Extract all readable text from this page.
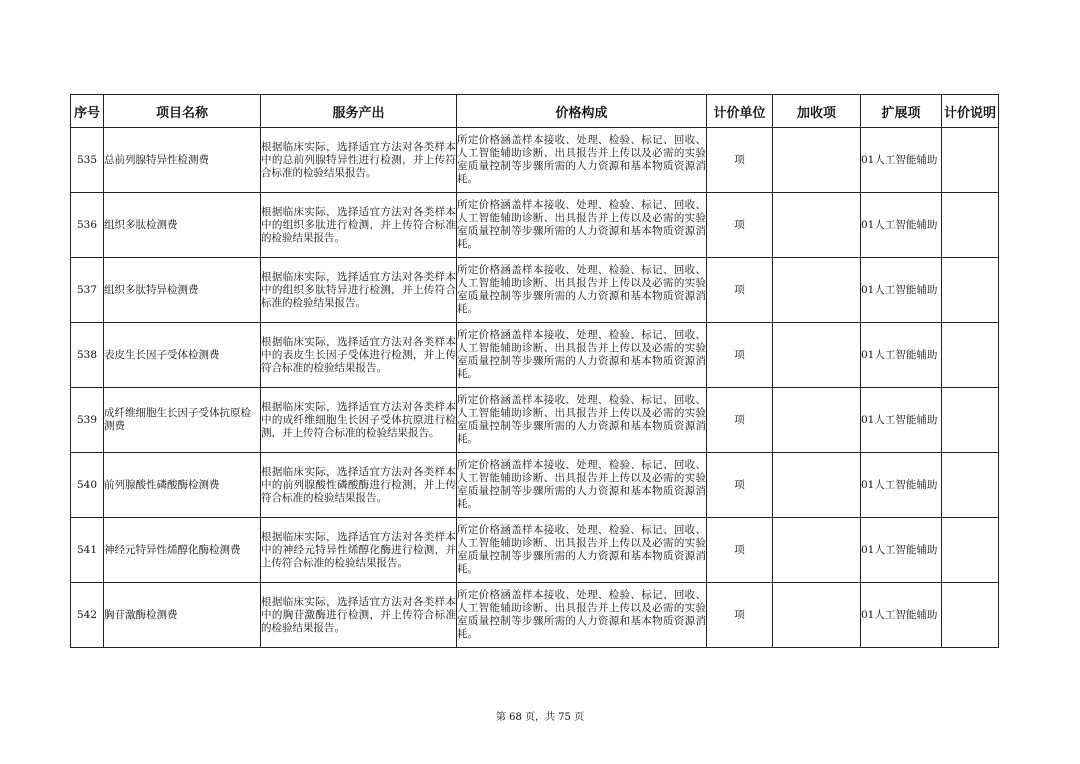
序号	项目名称	服务产出	价格构成	计价单位	加收项	扩展项	计价说明
535	总前列腺特异性检测费	根据临床实际，选择适宜方法对各类样本中的总前列腺特异性进行检测，并上传符合标准的检验结果报告。	所定价格涵盖样本接收、处理、检验、标记、回收、人工智能辅助诊断、出具报告并上传以及必需的实验室质量控制等步骤所需的人力资源和基本物质资源消耗。	项		01人工智能辅助	
536	组织多肽检测费	根据临床实际，选择适宜方法对各类样本中的组织多肽进行检测，并上传符合标准的检验结果报告。	所定价格涵盖样本接收、处理、检验、标记、回收、人工智能辅助诊断、出具报告并上传以及必需的实验室质量控制等步骤所需的人力资源和基本物质资源消耗。	项		01人工智能辅助	
537	组织多肽特异检测费	根据临床实际，选择适宜方法对各类样本中的组织多肽特异进行检测，并上传符合标准的检验结果报告。	所定价格涵盖样本接收、处理、检验、标记、回收、人工智能辅助诊断、出具报告并上传以及必需的实验室质量控制等步骤所需的人力资源和基本物质资源消耗。	项		01人工智能辅助	
538	表皮生长因子受体检测费	根据临床实际，选择适宜方法对各类样本中的表皮生长因子受体进行检测，并上传符合标准的检验结果报告。	所定价格涵盖样本接收、处理、检验、标记、回收、人工智能辅助诊断、出具报告并上传以及必需的实验室质量控制等步骤所需的人力资源和基本物质资源消耗。	项		01人工智能辅助	
539	成纤维细胞生长因子受体抗原检测费	根据临床实际，选择适宜方法对各类样本中的成纤维细胞生长因子受体抗原进行检测，并上传符合标准的检验结果报告。	所定价格涵盖样本接收、处理、检验、标记、回收、人工智能辅助诊断、出具报告并上传以及必需的实验室质量控制等步骤所需的人力资源和基本物质资源消耗。	项		01人工智能辅助	
540	前列腺酸性磷酸酶检测费	根据临床实际，选择适宜方法对各类样本中的前列腺酸性磷酸酶进行检测，并上传符合标准的检验结果报告。	所定价格涵盖样本接收、处理、检验、标记、回收、人工智能辅助诊断、出具报告并上传以及必需的实验室质量控制等步骤所需的人力资源和基本物质资源消耗。	项		01人工智能辅助	
541	神经元特异性烯醇化酶检测费	根据临床实际，选择适宜方法对各类样本中的神经元特异性烯醇化酶进行检测，并上传符合标准的检验结果报告。	所定价格涵盖样本接收、处理、检验、标记、回收、人工智能辅助诊断、出具报告并上传以及必需的实验室质量控制等步骤所需的人力资源和基本物质资源消耗。	项		01人工智能辅助	
542	胸苷激酶检测费	根据临床实际，选择适宜方法对各类样本中的胸苷激酶进行检测，并上传符合标准的检验结果报告。	所定价格涵盖样本接收、处理、检验、标记、回收、人工智能辅助诊断、出具报告并上传以及必需的实验室质量控制等步骤所需的人力资源和基本物质资源消耗。	项		01人工智能辅助	
第 68 页，共 75 页
